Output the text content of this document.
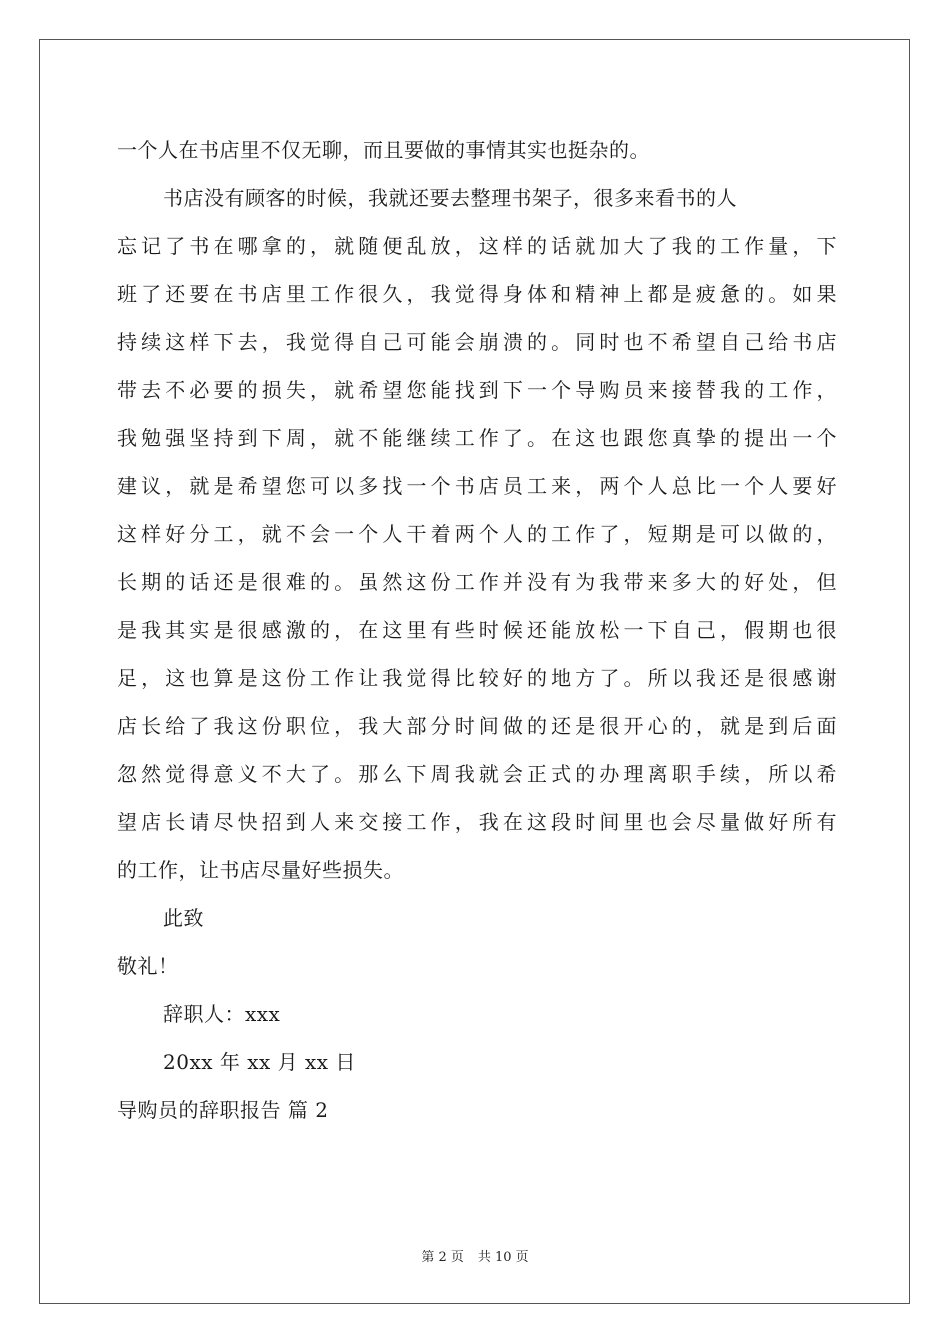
一个人在书店里不仅无聊，而且要做的事情其实也挺杂的。
书店没有顾客的时候，我就还要去整理书架子，很多来看书的人
忘记了书在哪拿的，就随便乱放，这样的话就加大了我的工作量，下
班了还要在书店里工作很久，我觉得身体和精神上都是疲惫的。如果
持续这样下去，我觉得自己可能会崩溃的。同时也不希望自己给书店
带去不必要的损失，就希望您能找到下一个导购员来接替我的工作，
我勉强坚持到下周，就不能继续工作了。在这也跟您真挚的提出一个
建议，就是希望您可以多找一个书店员工来，两个人总比一个人要好
这样好分工，就不会一个人干着两个人的工作了，短期是可以做的，
长期的话还是很难的。虽然这份工作并没有为我带来多大的好处，但
是我其实是很感激的，在这里有些时候还能放松一下自己，假期也很
足，这也算是这份工作让我觉得比较好的地方了。所以我还是很感谢
店长给了我这份职位，我大部分时间做的还是很开心的，就是到后面
忽然觉得意义不大了。那么下周我就会正式的办理离职手续，所以希
望店长请尽快招到人来交接工作，我在这段时间里也会尽量做好所有
的工作，让书店尽量好些损失。
此致
敬礼！
辞职人：xxx
20xx 年 xx 月 xx 日
导购员的辞职报告 篇 2
第 2 页 共 10 页
